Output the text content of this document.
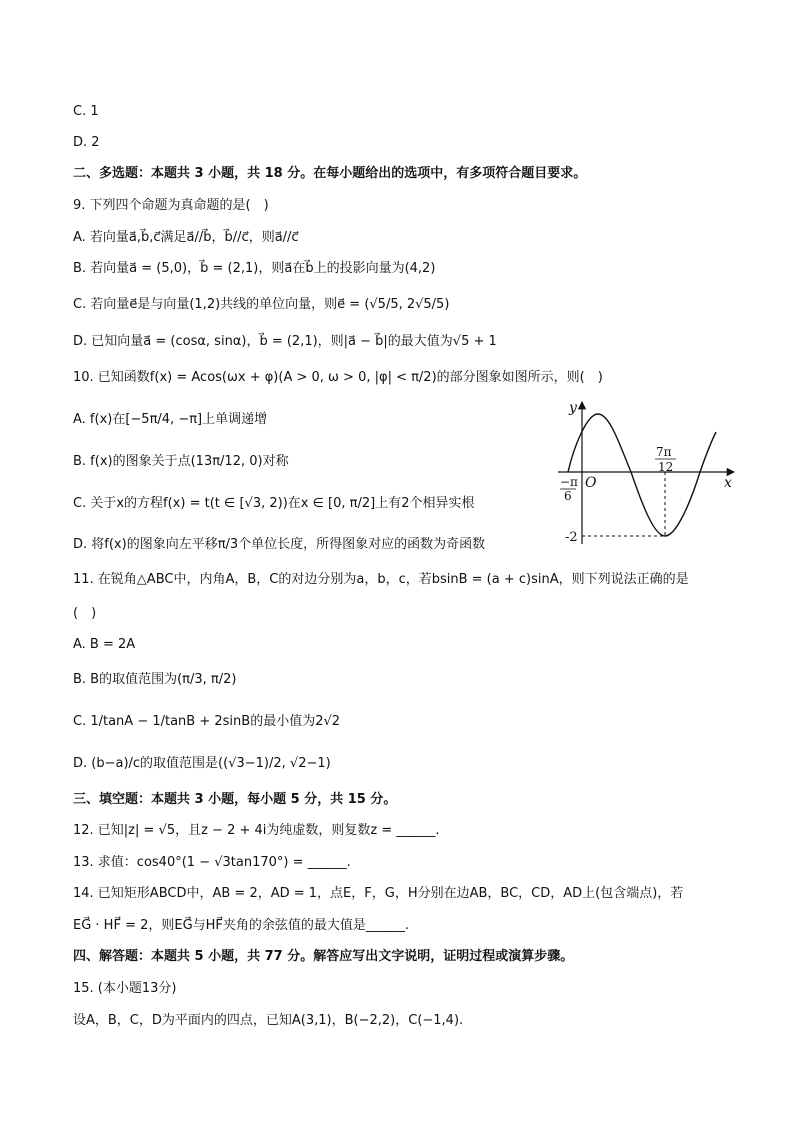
C. 1
D. 2
二、多选题：本题共 3 小题，共 18 分。在每小题给出的选项中，有多项符合题目要求。
9. 下列四个命题为真命题的是(　)
A. 若向量a⃗,b⃗,c⃗满足a⃗//b⃗，b⃗//c⃗，则a⃗//c⃗
B. 若向量a⃗ = (5,0)，b⃗ = (2,1)，则a⃗在b⃗上的投影向量为(4,2)
C. 若向量e⃗是与向量(1,2)共线的单位向量，则e⃗ = (√5/5, 2√5/5)
D. 已知向量a⃗ = (cosα, sinα)，b⃗ = (2,1)，则|a⃗ − b⃗|的最大值为√5 + 1
10. 已知函数f(x) = Acos(ωx + φ)(A > 0, ω > 0, |φ| < π/2)的部分图象如图所示，则(　)
A. f(x)在[−5π/4, −π]上单调递增
B. f(x)的图象关于点(13π/12, 0)对称
C. 关于x的方程f(x) = t(t ∈ [√3, 2))在x ∈ [0, π/2]上有2个相异实根
D. 将f(x)的图象向左平移π/3个单位长度，所得图象对应的函数为奇函数
11. 在锐角△ABC中，内角A，B，C的对边分别为a，b，c，若bsinB = (a + c)sinA，则下列说法正确的是
(　)
A. B = 2A
B. B的取值范围为(π/3, π/2)
C. 1/tanA − 1/tanB + 2sinB的最小值为2√2
D. (b−a)/c的取值范围是((√3−1)/2, √2−1)
三、填空题：本题共 3 小题，每小题 5 分，共 15 分。
12. 已知|z| = √5，且z − 2 + 4i为纯虚数，则复数z = ______.
13. 求值：cos40°(1 − √3tan170°) = ______.
14. 已知矩形ABCD中，AB = 2，AD = 1，点E，F，G，H分别在边AB，BC，CD，AD上(包含端点)，若
EG⃗ · HF⃗ = 2，则EG⃗与HF⃗夹角的余弦值的最大值是______.
四、解答题：本题共 5 小题，共 77 分。解答应写出文字说明，证明过程或演算步骤。
15. (本小题13分)
设A，B，C，D为平面内的四点，已知A(3,1)，B(−2,2)，C(−1,4).
y
x
O
−π
6
7π
12
-2
